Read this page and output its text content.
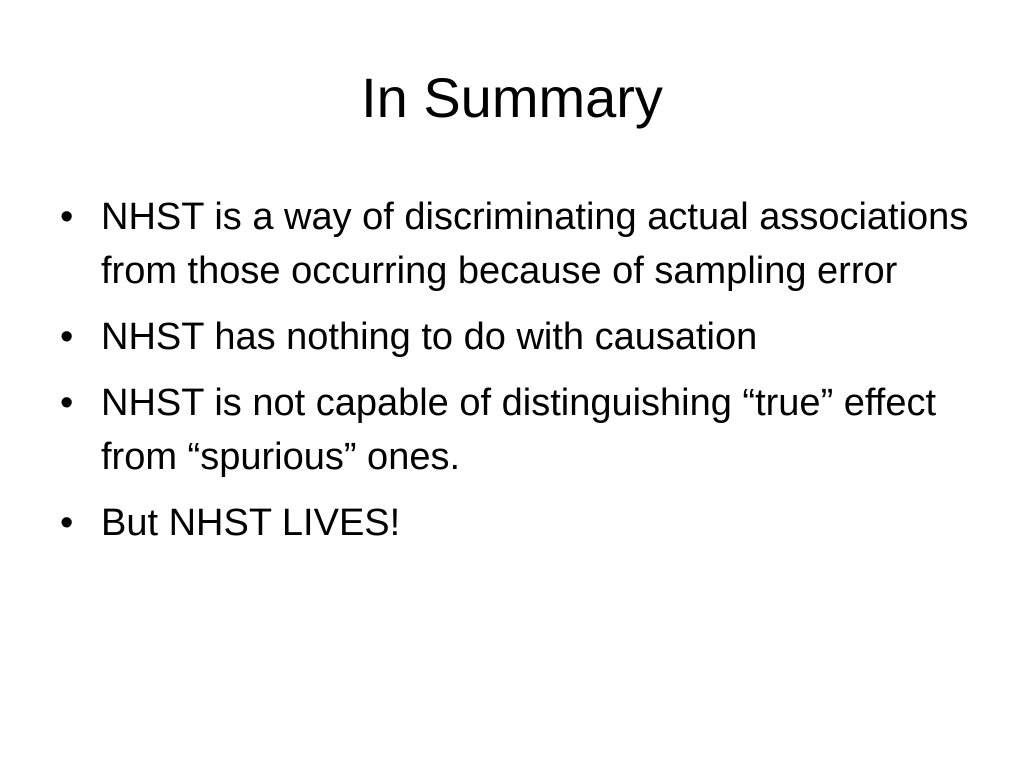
In Summary
• NHST is a way of discriminating actual associations from those occurring because of sampling error
• NHST has nothing to do with causation
• NHST is not capable of distinguishing “true” effect from “spurious” ones.
• But NHST LIVES!
